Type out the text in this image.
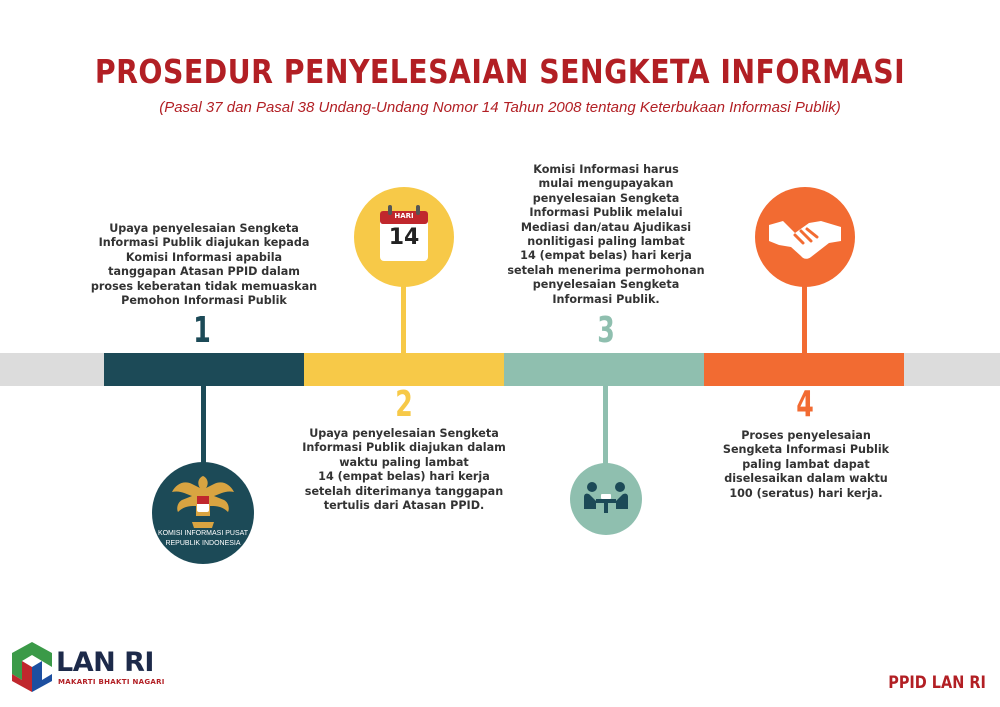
PROSEDUR PENYELESAIAN SENGKETA INFORMASI
(Pasal 37 dan Pasal 38 Undang-Undang Nomor 14 Tahun 2008 tentang Keterbukaan Informasi Publik)
Upaya penyelesaian Sengketa
Informasi Publik diajukan kepada
Komisi Informasi apabila
tanggapan Atasan PPID dalam
proses keberatan tidak memuaskan
Pemohon Informasi Publik
1
KOMISI INFORMASI PUSAT
REPUBLIK INDONESIA
HARI
14
2
Upaya penyelesaian Sengketa
Informasi Publik diajukan dalam
waktu paling lambat
14 (empat belas) hari kerja
setelah diterimanya tanggapan
tertulis dari Atasan PPID.
Komisi Informasi harus
mulai mengupayakan
penyelesaian Sengketa
Informasi Publik melalui
Mediasi dan/atau Ajudikasi
nonlitigasi paling lambat
14 (empat belas) hari kerja
setelah menerima permohonan
penyelesaian Sengketa
Informasi Publik.
3
4
Proses penyelesaian
Sengketa Informasi Publik
paling lambat dapat
diselesaikan dalam waktu
100 (seratus) hari kerja.
LAN RI
MAKARTI BHAKTI NAGARI	PPID LAN RI
